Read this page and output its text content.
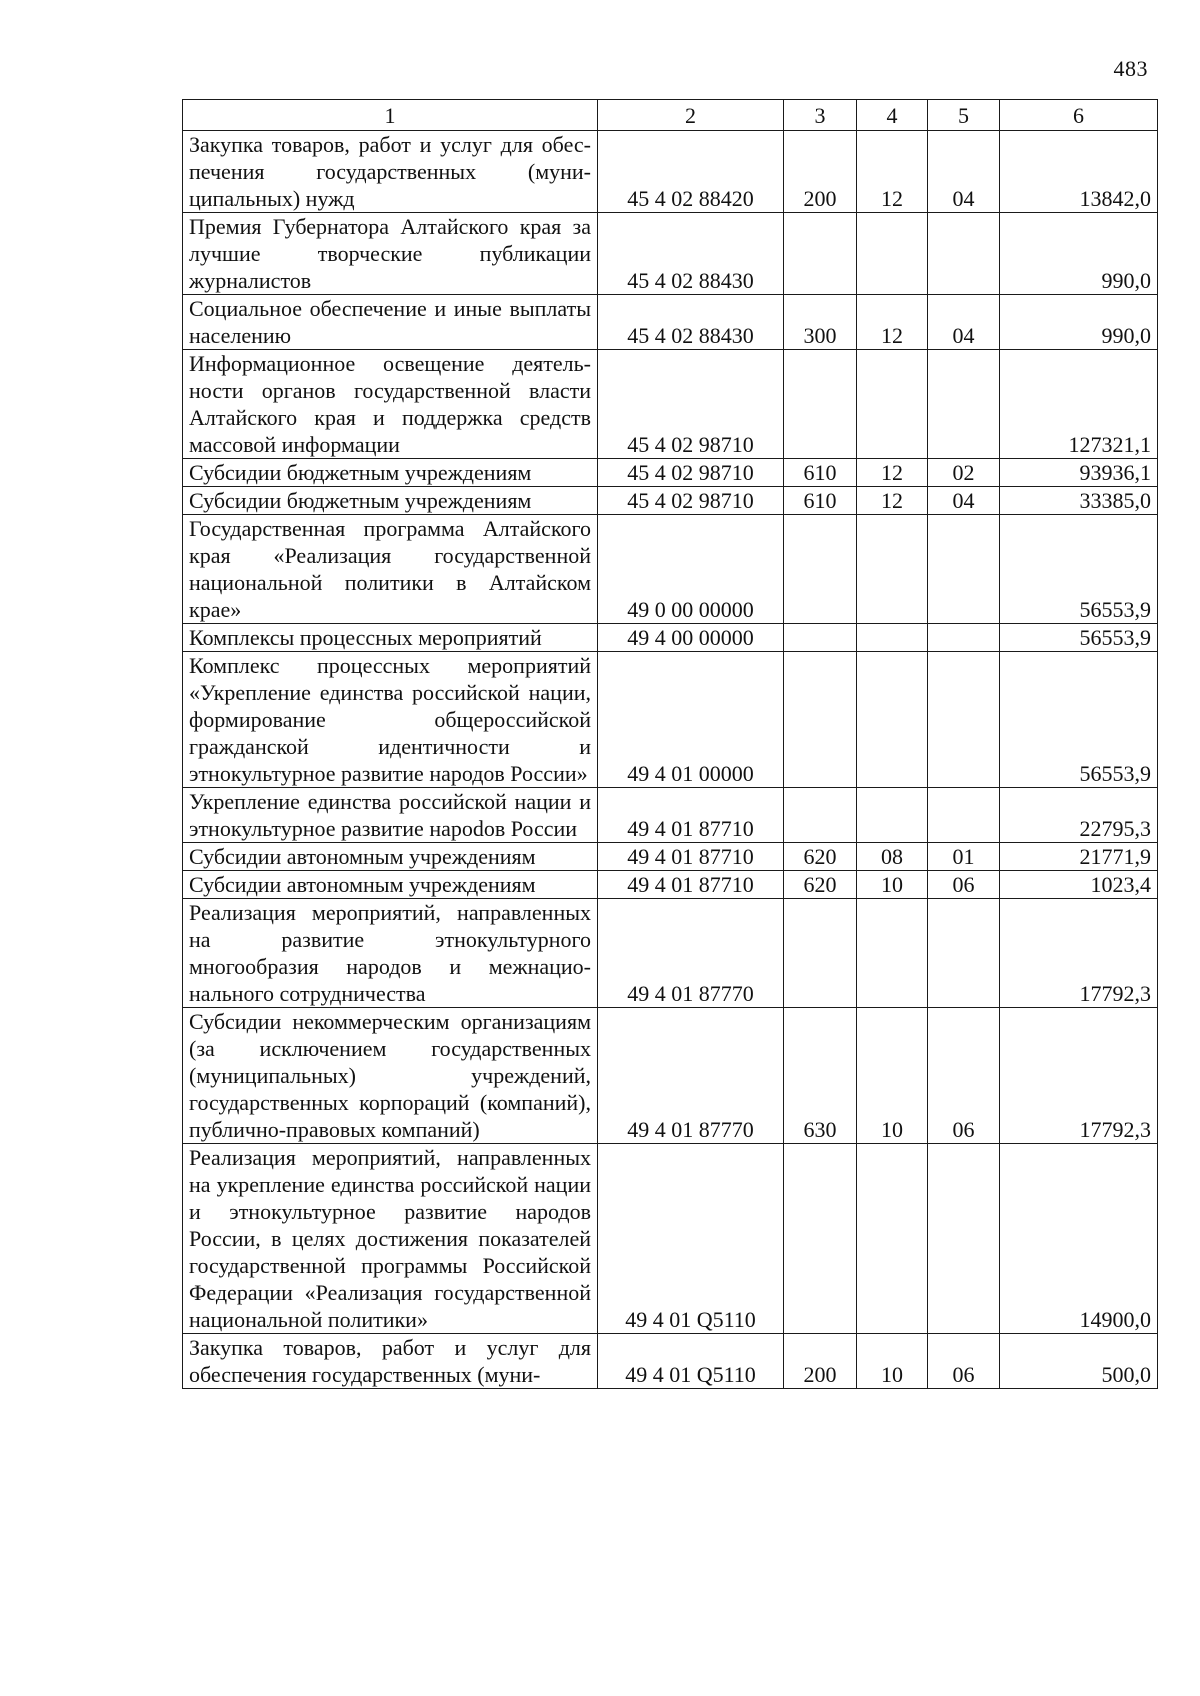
483
1	2	3	4	5	6
Закупка товаров, работ и услуг для обеспечения государственных (муниципальных) нужд	45 4 02 88420	200	12	04	13842,0
Премия Губернатора Алтайского края за лучшие творческие публикации журналистов	45 4 02 88430				990,0
Социальное обеспечение и иные выплаты населению	45 4 02 88430	300	12	04	990,0
Информационное освещение деятельности органов государственной власти Алтайского края и поддержка средств массовой информации	45 4 02 98710				127321,1
Субсидии бюджетным учреждениям	45 4 02 98710	610	12	02	93936,1
Субсидии бюджетным учреждениям	45 4 02 98710	610	12	04	33385,0
Государственная программа Алтайского края «Реализация государственной национальной политики в Алтайском крае»	49 0 00 00000				56553,9
Комплексы процессных мероприятий	49 4 00 00000				56553,9
Комплекс процессных мероприятий «Укрепление единства российской нации, формирование общероссийской гражданской идентичности и этнокультурное развитие народов России»	49 4 01 00000				56553,9
Укрепление единства российской нации и этнокультурное развитие нароdов России	49 4 01 87710				22795,3
Субсидии автономным учреждениям	49 4 01 87710	620	08	01	21771,9
Субсидии автономным учреждениям	49 4 01 87710	620	10	06	1023,4
Реализация мероприятий, направленных на развитие этнокультурного многообразия народов и межнационального сотрудничества	49 4 01 87770				17792,3
Субсидии некоммерческим организациям (за исключением государственных (муниципальных) учреждений, государственных корпораций (компаний), публично-правовых компаний)	49 4 01 87770	630	10	06	17792,3
Реализация мероприятий, направленных на укрепление единства российской нации и этнокультурное развитие народов России, в целях достижения показателей государственной программы Российской Федерации «Реализация государственной национальной политики»	49 4 01 Q5110				14900,0
Закупка товаров, работ и услуг для обеспечения государственных (муни-	49 4 01 Q5110	200	10	06	500,0
